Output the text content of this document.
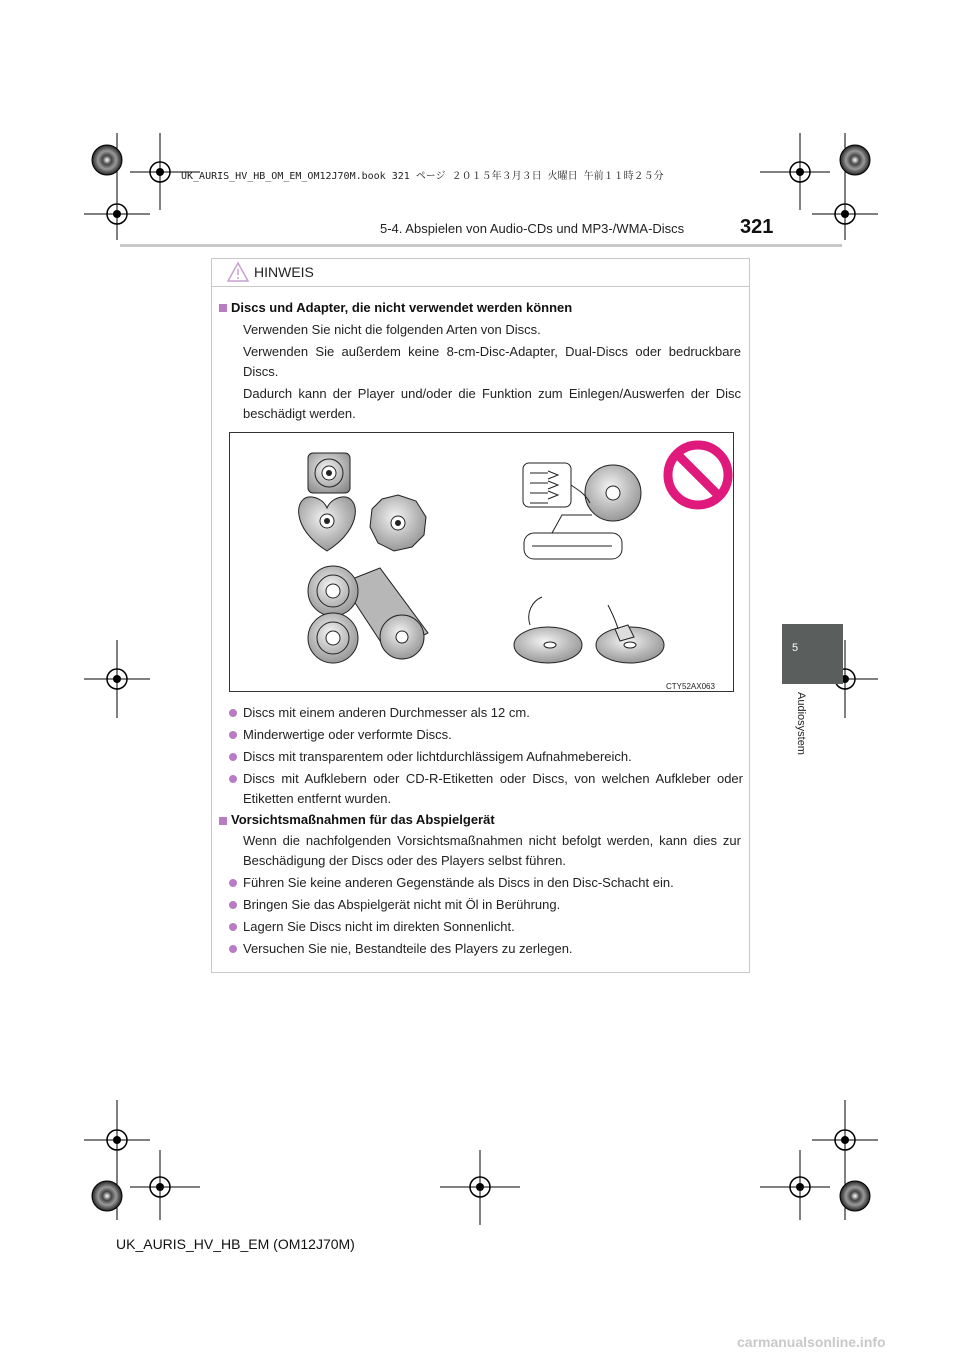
UK_AURIS_HV_HB_OM_EM_OM12J70M.book 321 ページ ２０１５年３月３日 火曜日 午前１１時２５分
5-4. Abspielen von Audio-CDs und MP3-/WMA-Discs	321
5
Audiosystem
HINWEIS
Discs und Adapter, die nicht verwendet werden können
Verwenden Sie nicht die folgenden Arten von Discs.
Verwenden Sie außerdem keine 8-cm-Disc-Adapter, Dual-Discs oder bedruckbare Discs.
Dadurch kann der Player und/oder die Funktion zum Einlegen/Auswerfen der Disc beschädigt werden.
CTY52AX063
Discs mit einem anderen Durchmesser als 12 cm.
Minderwertige oder verformte Discs.
Discs mit transparentem oder lichtdurchlässigem Aufnahmebereich.
Discs mit Aufklebern oder CD-R-Etiketten oder Discs, von welchen Aufkleber oder Etiketten entfernt wurden.
Vorsichtsmaßnahmen für das Abspielgerät
Wenn die nachfolgenden Vorsichtsmaßnahmen nicht befolgt werden, kann dies zur Beschädigung der Discs oder des Players selbst führen.
Führen Sie keine anderen Gegenstände als Discs in den Disc-Schacht ein.
Bringen Sie das Abspielgerät nicht mit Öl in Berührung.
Lagern Sie Discs nicht im direkten Sonnenlicht.
Versuchen Sie nie, Bestandteile des Players zu zerlegen.
UK_AURIS_HV_HB_EM (OM12J70M)
carmanualsonline.info
